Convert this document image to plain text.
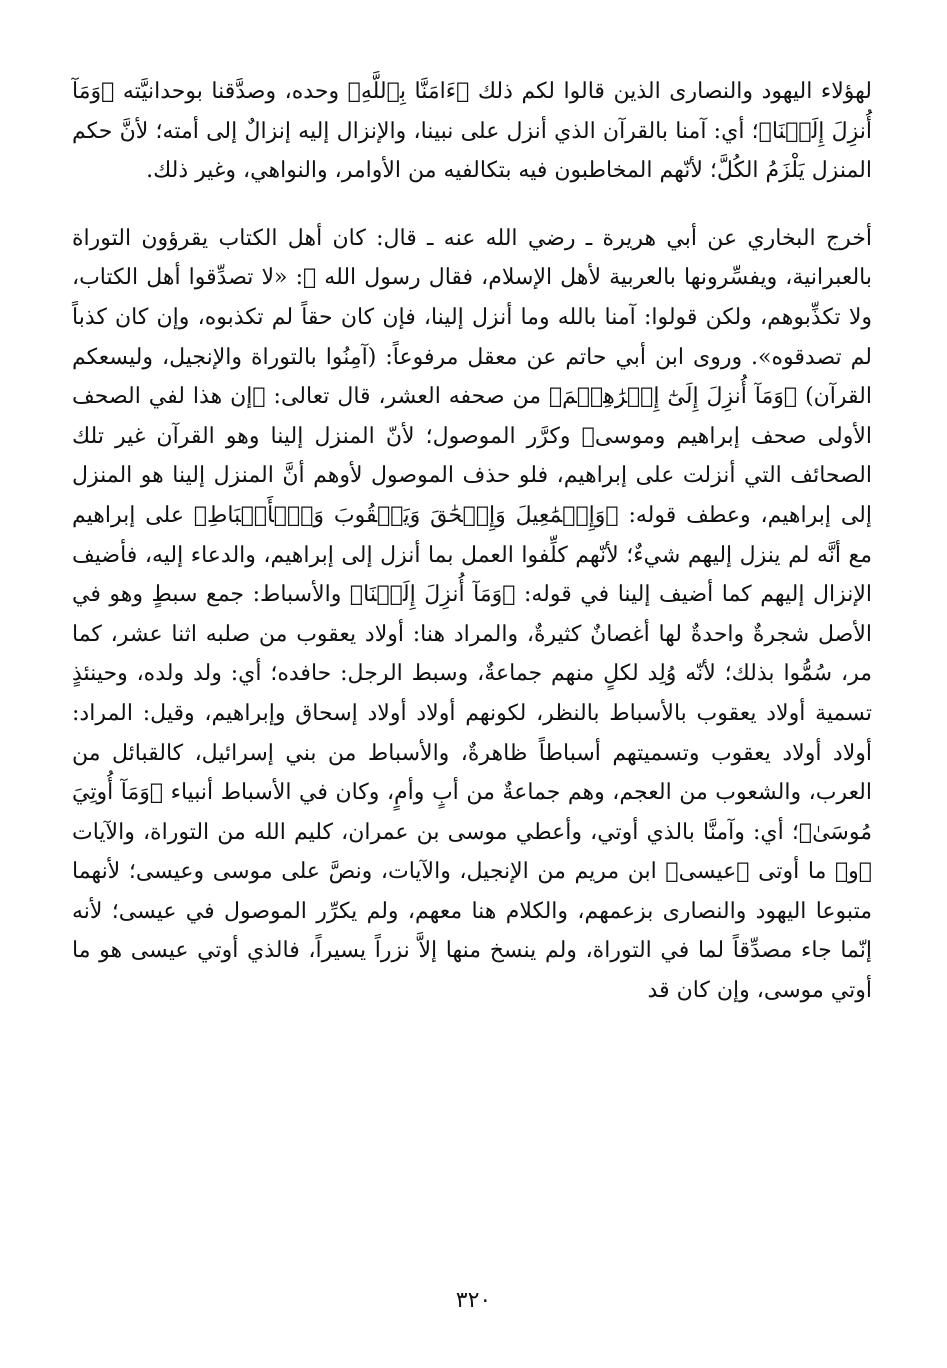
لهؤلاء اليهود والنصارى الذين قالوا لكم ذلك ﴿ءَامَنَّا بِٱللَّهِ﴾ وحده، وصدَّقنا بوحدانيَّته ﴿وَمَآ أُنزِلَ إِلَيۡنَا﴾؛ أي: آمنا بالقرآن الذي أنزل على نبينا، والإنزال إليه إنزالٌ إلى أمته؛ لأنَّ حكم المنزل يَلْزَمُ الكُلَّ؛ لأنّهم المخاطبون فيه بتكالفيه من الأوامر، والنواهي، وغير ذلك.

أخرج البخاري عن أبي هريرة ـ رضي الله عنه ـ قال: كان أهل الكتاب يقرؤون التوراة بالعبرانية، ويفسِّرونها بالعربية لأهل الإسلام، فقال رسول الله ﷺ: «لا تصدِّقوا أهل الكتاب، ولا تكذِّبوهم، ولكن قولوا: آمنا بالله وما أنزل إلينا، فإن كان حقاً لم تكذبوه، وإن كان كذباً لم تصدقوه». وروى ابن أبي حاتم عن معقل مرفوعاً: (آمِنُوا بالتوراة والإنجيل، وليسعكم القرآن) ﴿وَمَآ أُنزِلَ إِلَىٰٓ إِبۡرَٰهِـۧمَ﴾ من صحفه العشر، قال تعالى: ﴿إن هذا لفي الصحف الأولى صحف إبراهيم وموسى﴾ وكرَّر الموصول؛ لأنّ المنزل إلينا وهو القرآن غير تلك الصحائف التي أنزلت على إبراهيم، فلو حذف الموصول لأوهم أنَّ المنزل إلينا هو المنزل إلى إبراهيم، وعطف قوله: ﴿وَإِسۡمَٰعِيلَ وَإِسۡحَٰقَ وَيَعۡقُوبَ وَٱلۡأَسۡبَاطِ﴾ على إبراهيم مع أنَّه لم ينزل إليهم شيءٌ؛ لأنّهم كلِّفوا العمل بما أنزل إلى إبراهيم، والدعاء إليه، فأضيف الإنزال إليهم كما أضيف إلينا في قوله: ﴿وَمَآ أُنزِلَ إِلَيۡنَا﴾ والأسباط: جمع سبطٍ وهو في الأصل شجرةٌ واحدةٌ لها أغصانٌ كثيرةٌ، والمراد هنا: أولاد يعقوب من صلبه اثنا عشر، كما مر، سُمُّوا بذلك؛ لأنّه وُلِد لكلٍ منهم جماعةٌ، وسبط الرجل: حافده؛ أي: ولد ولده، وحينئذٍ تسمية أولاد يعقوب بالأسباط بالنظر، لكونهم أولاد أولاد إسحاق وإبراهيم، وقيل: المراد: أولاد أولاد يعقوب وتسميتهم أسباطاً ظاهرةٌ، والأسباط من بني إسرائيل، كالقبائل من العرب، والشعوب من العجم، وهم جماعةٌ من أبٍ وأمٍ، وكان في الأسباط أنبياء ﴿وَمَآ أُوتِيَ مُوسَىٰ﴾؛ أي: وآمنَّا بالذي أوتي، وأعطي موسى بن عمران، كليم الله من التوراة، والآيات ﴿و﴾ ما أوتى ﴿عيسى﴾ ابن مريم من الإنجيل، والآيات، ونصَّ على موسى وعيسى؛ لأنهما متبوعا اليهود والنصارى بزعمهم، والكلام هنا معهم، ولم يكرِّر الموصول في عيسى؛ لأنه إنّما جاء مصدِّقاً لما في التوراة، ولم ينسخ منها إلاَّ نزراً يسيراً، فالذي أوتي عيسى هو ما أوتي موسى، وإن كان قد

٣٢٠
